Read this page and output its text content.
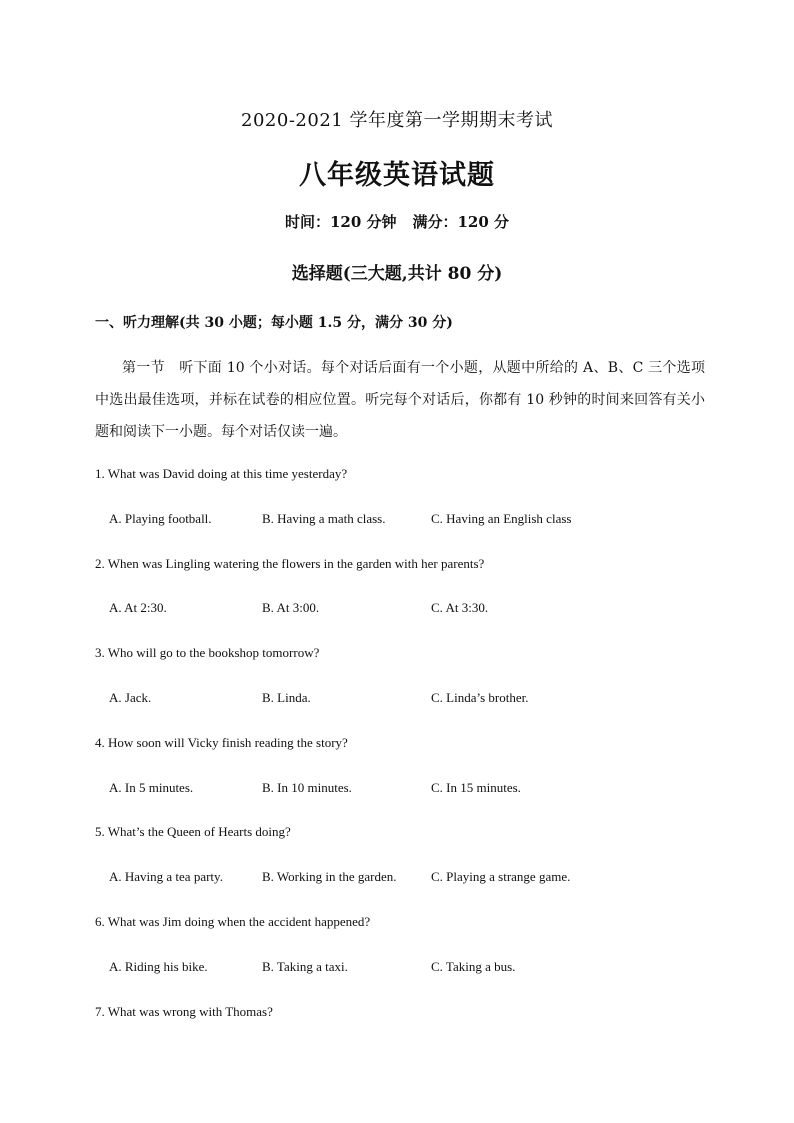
2020-2021 学年度第一学期期末考试
八年级英语试题
时间：120 分钟 满分：120 分
选择题(三大题,共计 80 分)
一、听力理解(共 30 小题；每小题 1.5 分，满分 30 分)
第一节　听下面 10 个小对话。每个对话后面有一个小题，从题中所给的 A、B、C 三个选项中选出最佳选项，并标在试卷的相应位置。听完每个对话后，你都有 10 秒钟的时间来回答有关小题和阅读下一小题。每个对话仅读一遍。
1. What was David doing at this time yesterday?
A. Playing football.	B. Having a math class.	C. Having an English class
2. When was Lingling watering the flowers in the garden with her parents?
A. At 2:30.	B. At 3:00.	C. At 3:30.
3. Who will go to the bookshop tomorrow?
A. Jack.	B. Linda.	C. Linda’s brother.
4. How soon will Vicky finish reading the story?
A. In 5 minutes.	B. In 10 minutes.	C. In 15 minutes.
5. What’s the Queen of Hearts doing?
A. Having a tea party.	B. Working in the garden.	C. Playing a strange game.
6. What was Jim doing when the accident happened?
A. Riding his bike.	B. Taking a taxi.	C. Taking a bus.
7. What was wrong with Thomas?
